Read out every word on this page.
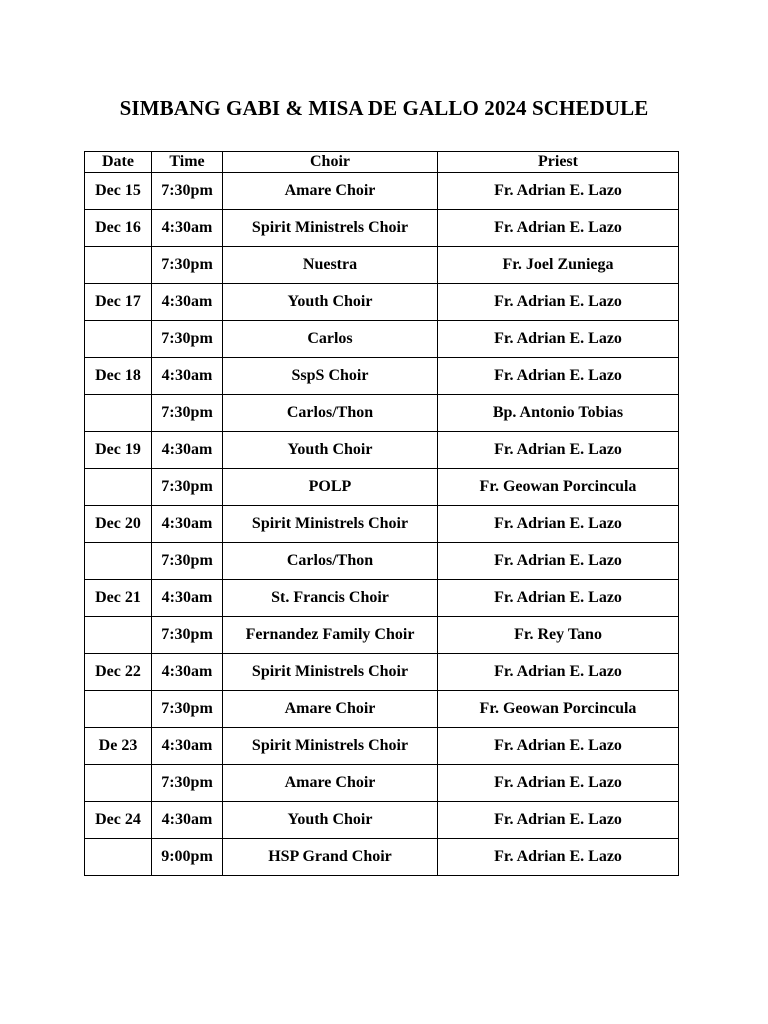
SIMBANG GABI & MISA DE GALLO 2024 SCHEDULE
Date	Time	Choir	Priest
Dec 15	7:30pm	Amare Choir	Fr. Adrian E. Lazo
Dec 16	4:30am	Spirit Ministrels Choir	Fr. Adrian E. Lazo
	7:30pm	Nuestra	Fr. Joel Zuniega
Dec 17	4:30am	Youth Choir	Fr. Adrian E. Lazo
	7:30pm	Carlos	Fr. Adrian E. Lazo
Dec 18	4:30am	SspS Choir	Fr. Adrian E. Lazo
	7:30pm	Carlos/Thon	Bp. Antonio Tobias
Dec 19	4:30am	Youth Choir	Fr. Adrian E. Lazo
	7:30pm	POLP	Fr. Geowan Porcincula
Dec 20	4:30am	Spirit Ministrels Choir	Fr. Adrian E. Lazo
	7:30pm	Carlos/Thon	Fr. Adrian E. Lazo
Dec 21	4:30am	St. Francis Choir	Fr. Adrian E. Lazo
	7:30pm	Fernandez Family Choir	Fr. Rey Tano
Dec 22	4:30am	Spirit Ministrels Choir	Fr. Adrian E. Lazo
	7:30pm	Amare Choir	Fr. Geowan Porcincula
De 23	4:30am	Spirit Ministrels Choir	Fr. Adrian E. Lazo
	7:30pm	Amare Choir	Fr. Adrian E. Lazo
Dec 24	4:30am	Youth Choir	Fr. Adrian E. Lazo
	9:00pm	HSP Grand Choir	Fr. Adrian E. Lazo
